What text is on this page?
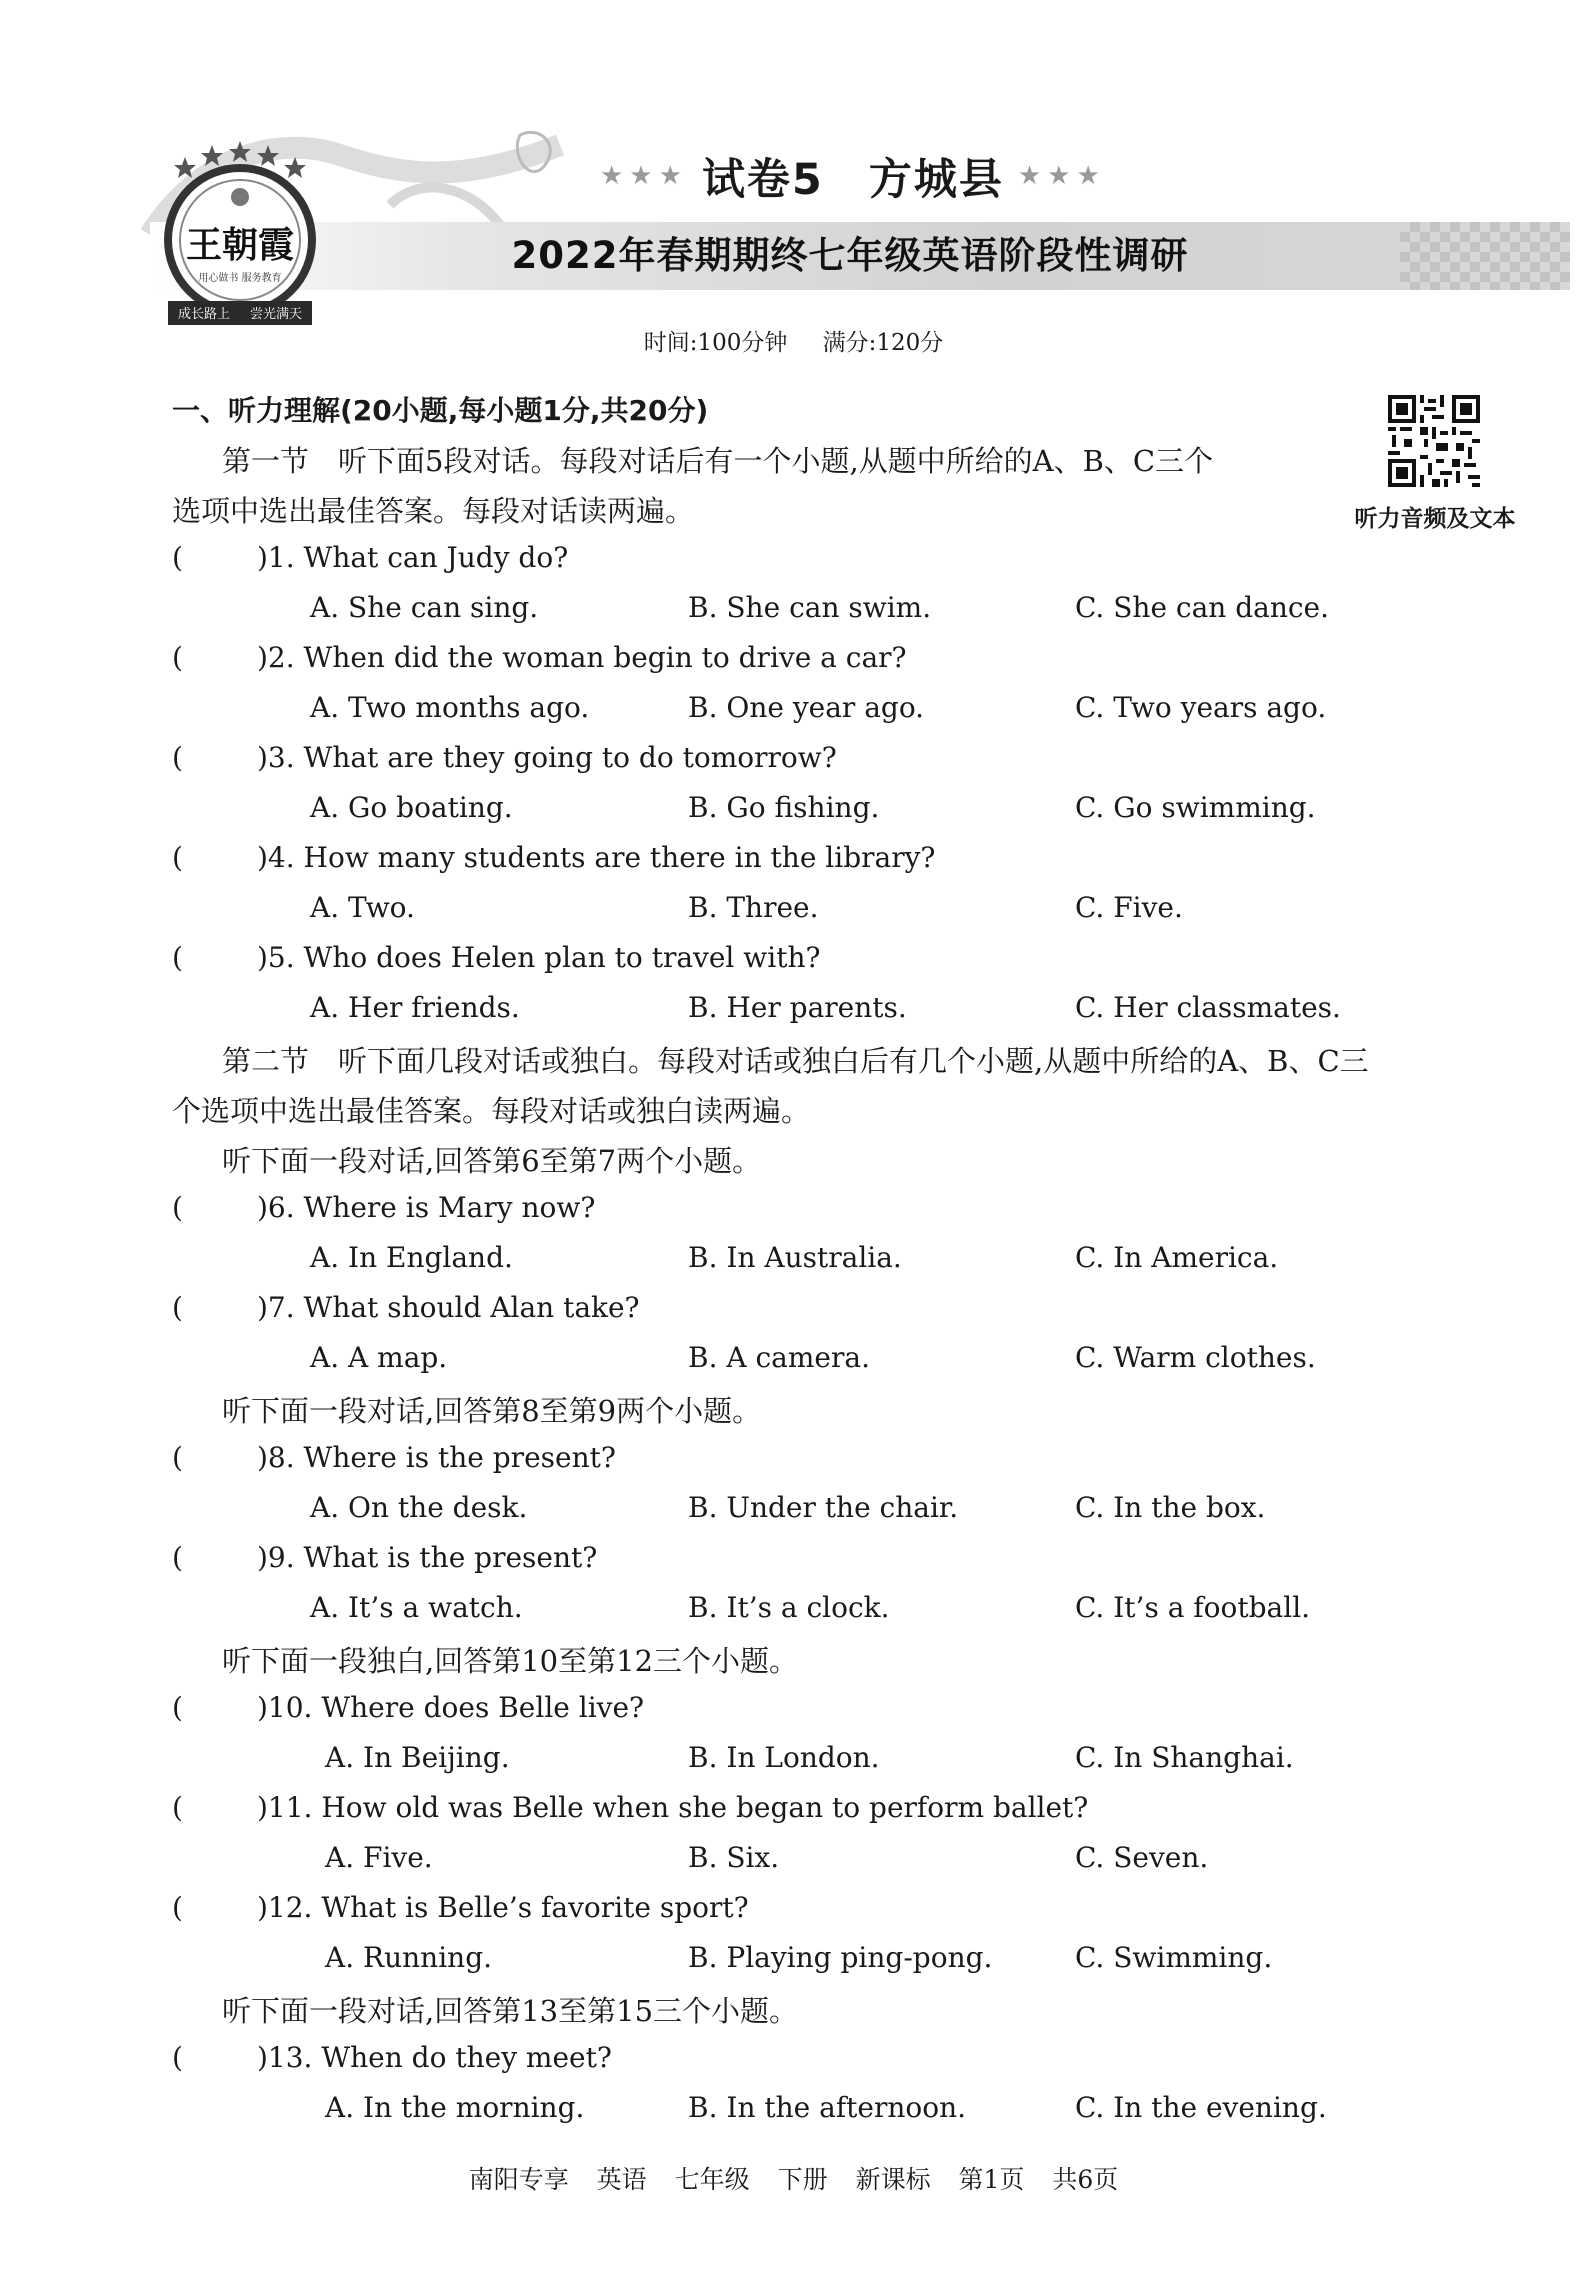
王朝霞
用心做书 服务教育
成长路上 尝光满天
★★★ 试卷5　方城县 ★★★
2022年春期期终七年级英语阶段性调研
时间:100分钟 满分:120分
听力音频及文本
一、听力理解(20小题,每小题1分,共20分)
第一节　听下面5段对话。每段对话后有一个小题,从题中所给的A、B、C三个
选项中选出最佳答案。每段对话读两遍。
(	)1. What can Judy do?
A. She can sing.	B. She can swim.	C. She can dance.
(	)2. When did the woman begin to drive a car?
A. Two months ago.	B. One year ago.	C. Two years ago.
(	)3. What are they going to do tomorrow?
A. Go boating.	B. Go fishing.	C. Go swimming.
(	)4. How many students are there in the library?
A. Two.	B. Three.	C. Five.
(	)5. Who does Helen plan to travel with?
A. Her friends.	B. Her parents.	C. Her classmates.
第二节　听下面几段对话或独白。每段对话或独白后有几个小题,从题中所给的A、B、C三
个选项中选出最佳答案。每段对话或独白读两遍。
听下面一段对话,回答第6至第7两个小题。
(	)6. Where is Mary now?
A. In England.	B. In Australia.	C. In America.
(	)7. What should Alan take?
A. A map.	B. A camera.	C. Warm clothes.
听下面一段对话,回答第8至第9两个小题。
(	)8. Where is the present?
A. On the desk.	B. Under the chair.	C. In the box.
(	)9. What is the present?
A. It’s a watch.	B. It’s a clock.	C. It’s a football.
听下面一段独白,回答第10至第12三个小题。
(	)10. Where does Belle live?
A. In Beijing.	B. In London.	C. In Shanghai.
(	)11. How old was Belle when she began to perform ballet?
A. Five.	B. Six.	C. Seven.
(	)12. What is Belle’s favorite sport?
A. Running.	B. Playing ping-pong.	C. Swimming.
听下面一段对话,回答第13至第15三个小题。
(	)13. When do they meet?
A. In the morning.	B. In the afternoon.	C. In the evening.
南阳专享 英语 七年级 下册 新课标 第1页 共6页
